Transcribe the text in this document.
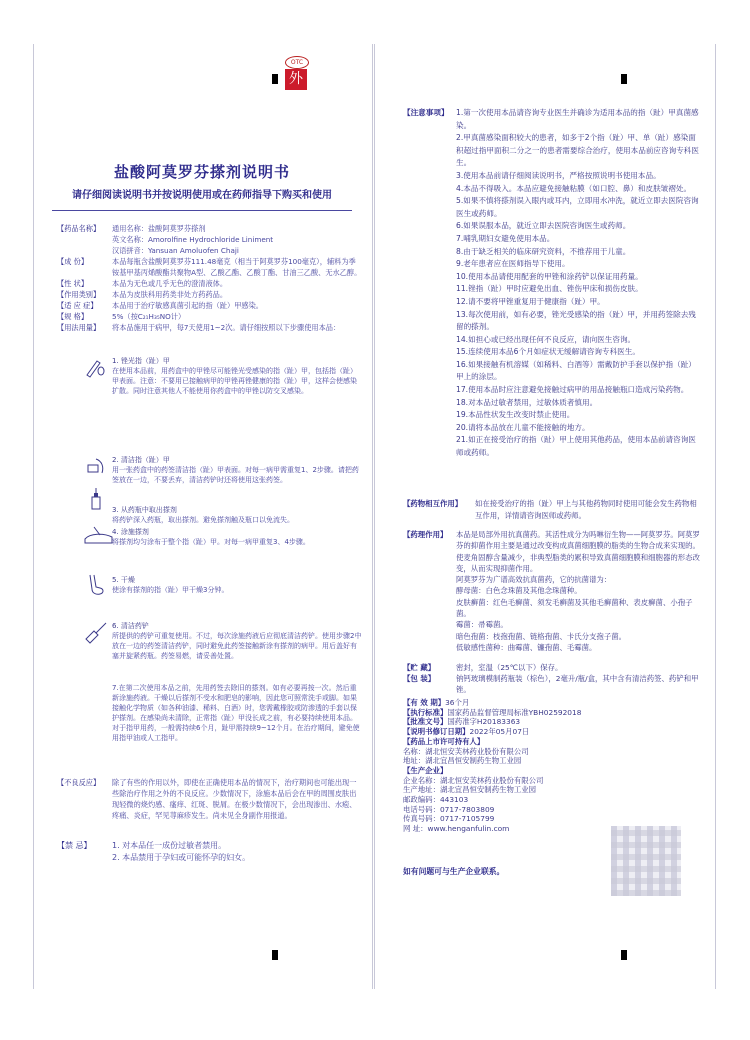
OTC
外
盐酸阿莫罗芬搽剂说明书
请仔细阅读说明书并按说明使用或在药师指导下购买和使用
【药品名称】	通用名称：盐酸阿莫罗芬搽剂
英文名称：Amorolfine Hydrochloride Liniment
汉语拼音：Yansuan Amoluofen Chaji
【成 份】	本品每瓶含盐酸阿莫罗芬111.48毫克（相当于阿莫罗芬100毫克），辅料为季铵基甲基丙烯酸酯共聚物A型、乙酸乙酯、乙酸丁酯、甘油三乙酸、无水乙醇。
【性 状】	本品为无色或几乎无色的澄清液体。
【作用类别】	本品为皮肤科用药类非处方药药品。
【适 应 症】	本品用于治疗敏感真菌引起的指（趾）甲感染。
【规 格】	5%（按C₂₁H₃₅NO计）
【用法用量】	将本品施用于病甲，每7天使用1~2次。请仔细按照以下步骤使用本品：
1. 锉光指（趾）甲
在使用本品前，用药盒中的甲锉尽可能锉光受感染的指（趾）甲，包括指（趾）甲表面。注意：不要用已接触病甲的甲锉再锉健康的指（趾）甲，这样会使感染扩散。同时注意其他人不能使用你药盒中的甲锉以防交叉感染。
2. 清洁指（趾）甲
用一张药盒中的药签清洁指（趾）甲表面。对每一病甲需重复1、2步骤。请把药签放在一边，不要丢弃，清洁药铲时还将使用这张药签。
3. 从药瓶中取出搽剂
将药铲深入药瓶，取出搽剂。避免搽剂触及瓶口以免流失。
4. 涂施搽剂
将搽剂均匀涂布于整个指（趾）甲。对每一病甲重复3、4步骤。
5. 干燥
使涂有搽剂的指（趾）甲干燥3分钟。
6. 清洁药铲
所提供的药铲可重复使用。不过，每次涂施药液后应彻底清洁药铲。使用步骤2中放在一边的药签清洁药铲，同时避免此药签接触新涂有搽剂的病甲。用后盖好有塞并旋紧药瓶。药签易燃，请妥善处置。
7.在第二次使用本品之前，先用药签去除旧的搽剂。如有必要再按一次。然后重新涂施药液。干燥以后搽剂不受水和肥皂的影响，因此您可照常洗手或脚。如果接触化学物质（如各种油漆、稀料、白酒）时，您需戴橡胶或防渗透的手套以保护搽剂。在感染尚未清除，正常指（趾）甲没长成之前，有必要持续使用本品。对于指甲用药，一般需持续6个月，趾甲需持续9~12个月。在治疗期间，避免使用指甲油或人工指甲。
【不良反应】	除了有些的作用以外，即使在正确使用本品的情况下，治疗期间也可能出现一些除治疗作用之外的不良反应。少数情况下，涂施本品后会在甲的周围皮肤出现轻微的烧灼感、瘙痒、红斑、脱屑。在极少数情况下，会出现渗出、水疱、疼痛、炎症，罕见荨麻疹发生。尚未见全身副作用报道。
【禁 忌】	1. 对本品任一成份过敏者禁用。
2. 本品禁用于孕妇或可能怀孕的妇女。
【注意事项】 1.第一次使用本品请咨询专业医生并确诊为适用本品的指（趾）甲真菌感染。
2.甲真菌感染面积较大的患者，如多于2个指（趾）甲、单（趾）感染面积超过指甲面积二分之一的患者需要综合治疗，使用本品前应咨询专科医生。
3.使用本品前请仔细阅读说明书，严格按照说明书使用本品。
4.本品不得吸入。本品应避免接触粘膜（如口腔、鼻）和皮肤皱褶处。
5.如果不慎将搽剂误入眼内或耳内，立即用水冲洗，就近立即去医院咨询医生或药师。
6.如果误服本品，就近立即去医院咨询医生或药师。
7.哺乳期妇女避免使用本品。
8.由于缺乏相关的临床研究资料，不推荐用于儿童。
9.老年患者应在医师指导下使用。
10.使用本品请使用配套的甲锉和涂药铲以保证用药量。
11.锉指（趾）甲时应避免出血、锉伤甲床和损伤皮肤。
12.请不要将甲锉重复用于健康指（趾）甲。
13.每次使用前，如有必要，锉光受感染的指（趾）甲，并用药签除去残留的搽剂。
14.如担心或已经出现任何不良反应，请向医生咨询。
15.连续使用本品6个月如症状无缓解请咨询专科医生。
16.如果接触有机溶媒（如稀料、白酒等）需戴防护手套以保护指（趾）甲上的涂层。
17.使用本品时应注意避免接触过病甲的用品接触瓶口造成污染药物。
18.对本品过敏者禁用，过敏体质者慎用。
19.本品性状发生改变时禁止使用。
20.请将本品放在儿童不能接触的地方。
21.如正在接受治疗的指（趾）甲上使用其他药品，使用本品前请咨询医师或药师。
【药物相互作用】	如在接受治疗的指（趾）甲上与其他药物同时使用可能会发生药物相互作用，详情请咨询医师或药师。
【药理作用】	本品是局部外用抗真菌药。其活性成分为吗啉衍生物——阿莫罗芬。阿莫罗芬的抑菌作用主要是通过改变构成真菌细胞膜的脂类的生物合成来实现的。使麦角固醇含量减少，非典型脂类的累积导致真菌细胞膜和细胞器的形态改变，从而实现抑菌作用。
阿莫罗芬为广谱高效抗真菌药，它的抗菌谱为：
酵母菌：白色念珠菌及其他念珠菌种。
皮肤癣菌：红色毛癣菌、须发毛癣菌及其他毛癣菌种、表皮癣菌、小孢子菌。
霉菌：帚霉菌。
暗色孢菌：枝孢孢菌、链格孢菌、卡氏分支孢子菌。
低敏感性菌种：曲霉菌、镰孢菌、毛霉菌。
【贮 藏】	密封，室温（25℃以下）保存。
【包 装】	钠钙玻璃模制药瓶装（棕色），2毫升/瓶/盒，其中含有清洁药签、药铲和甲锉。
【有 效 期】36个月
【执行标准】国家药品监督管理局标准YBH02592018
【批准文号】国药准字H20183363
【说明书修订日期】2022年05月07日
【药品上市许可持有人】
名称：湖北恒安芙林药业股份有限公司
地址：湖北宜昌恒安制药生物工业园
【生产企业】
企业名称：湖北恒安芙林药业股份有限公司
生产地址：湖北宜昌恒安制药生物工业园
邮政编码：443103
电话号码：0717-7803809
传真号码：0717-7105799
网 址：www.henganfulin.com
如有问题可与生产企业联系。
